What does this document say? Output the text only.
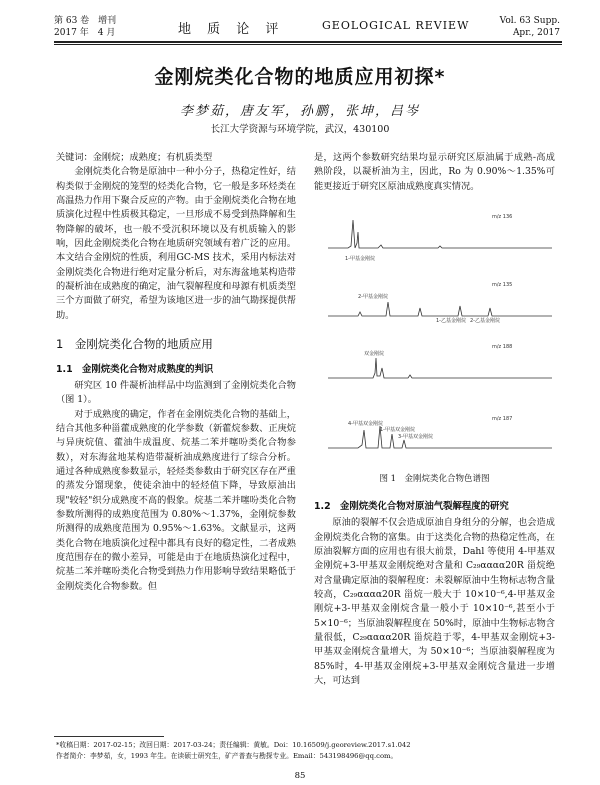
第 63 卷　增刊
2017 年　4 月	地 质 论 评	GEOLOGICAL REVIEW	Vol. 63 Supp.
Apr., 2017
金刚烷类化合物的地质应用初探*
李梦茹，唐友军，孙鹏，张坤，吕岑
长江大学资源与环境学院，武汉，430100

关键词：金刚烷；成熟度；有机质类型

金刚烷类化合物是原油中一种小分子，热稳定性好，结构类似于金刚烷的笼型的烃类化合物，它一般是多环烃类在高温热力作用下聚合反应的产物。由于金刚烷类化合物在地质演化过程中性质极其稳定，一旦形成不易受到热降解和生物降解的破坏，也一般不受沉积环境以及有机质输入的影响，因此金刚烷类化合物在地质研究领域有着广泛的应用。本文结合金刚烷的性质，利用GC-MS 技术，采用内标法对金刚烷类化合物进行绝对定量分析后，对东海盆地某构造带的凝析油在成熟度的确定，油气裂解程度和母源有机质类型三个方面做了研究，希望为该地区进一步的油气勘探提供帮助。

1　金刚烷类化合物的地质应用
1.1　金刚烷类化合物对成熟度的判识

研究区 10 件凝析油样品中均监测到了金刚烷类化合物（图 1）。

对于成熟度的确定，作者在金刚烷类化合物的基础上，结合其他多种甾藿成熟度的化学参数（新藿烷参数、正庚烷与异庚烷值、藿油牛成温度、烷基二苯并噻吩类化合物参数），对东海盆地某构造带凝析油成熟度进行了综合分析。通过各种成熟度参数显示，轻烃类参数由于研究区存在严重的蒸发分馏现象，使徒余油中的轻烃值下降，导致原油出现"较轻"织分成熟度不高的假象。烷基二苯并噻吩类化合物参数所测得的成熟度范围为 0.80%～1.37%，金刚烷参数所测得的成熟度范围为 0.95%～1.63%。文献显示，这两类化合物在地质演化过程中都具有良好的稳定性，二者成熟度范围存在的微小差异，可能是由于在地质热演化过程中，烷基二苯并噻吩类化合物受到热力作用影响导致结果略低于金刚烷类化合物参数。但

是，这两个参数研究结果均显示研究区原油属于成熟-高成熟阶段，以凝析油为主，因此，Ro 为 0.90%～1.35%可能更接近于研究区原油成熟度真实情况。

m/z 136
1-甲基金刚烷
m/z 135
2-甲基金刚烷
1-乙基金刚烷 2-乙基金刚烷
m/z 188
双金刚烷
m/z 187
4-甲基双金刚烷
1-甲基双金刚烷
3-甲基双金刚烷
图 1　金刚烷类化合物色谱图
1.2　金刚烷类化合物对原油气裂解程度的研究

原油的裂解不仅会造成原油自身组分的分解，也会造成金刚烷类化合物的富集。由于这类化合物的热稳定性高，在原油裂解方面的应用也有很大前景，Dahl 等使用 4-甲基双金刚烷+3-甲基双金刚烷绝对含量和 C₂₉αααα20R 甾烷绝对含量确定原油的裂解程度：未裂解原油中生物标志物含量较高，C₂₉αααα20R 甾烷一般大于 10×10⁻⁶,4-甲基双金刚烷+3-甲基双金刚烷含量一般小于 10×10⁻⁶,甚至小于 5×10⁻⁶；当原油裂解程度在 50%时，原油中生物标志物含量很低，C₂₉αααα20R 甾烷趋于零，4-甲基双金刚烷+3-甲基双金刚烷含量增大，为 50×10⁻⁶；当原油裂解程度为 85%时，4-甲基双金刚烷+3-甲基双金刚烷含量进一步增大，可达到

*收稿日期：2017-02-15；改回日期：2017-03-24；责任编辑：黄敏。Doi：10.16509/j.georeview.2017.s1.042
作者简介：李梦茹，女，1993 年生。在读硕士研究生，矿产普查与勘探专业。Email：543198496@qq.com。
85
